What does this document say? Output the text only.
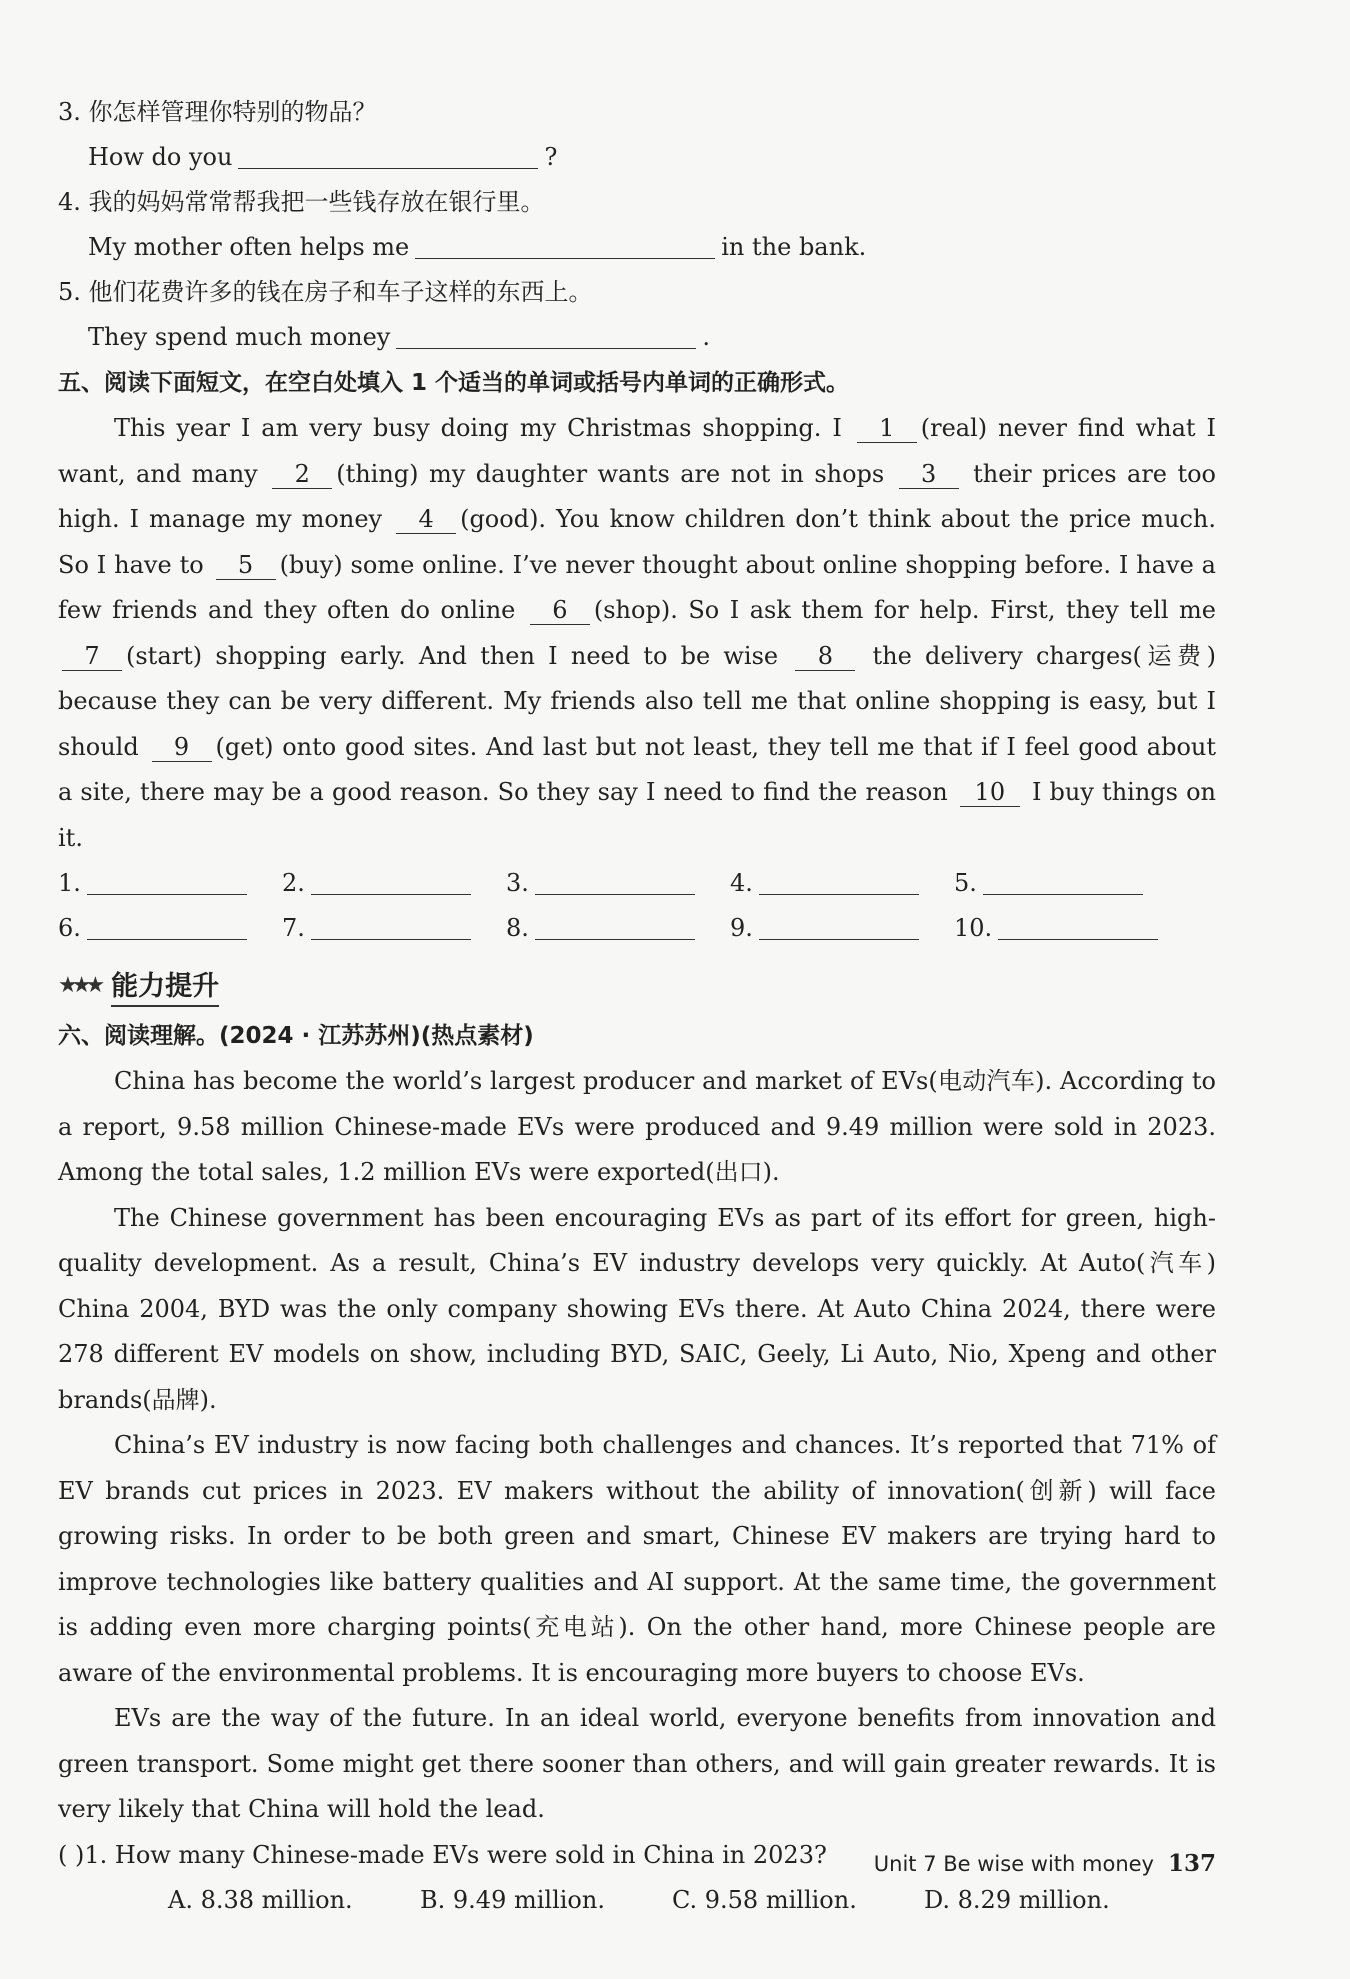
3. 你怎样管理你特别的物品？
How do you	?
4. 我的妈妈常常帮我把一些钱存放在银行里。
My mother often helps me	in the bank.
5. 他们花费许多的钱在房子和车子这样的东西上。
They spend much money	.
五、阅读下面短文，在空白处填入 1 个适当的单词或括号内单词的正确形式。

This year I am very busy doing my Christmas shopping. I 1 (real) never find what I want, and many 2 (thing) my daughter wants are not in shops 3 their prices are too high. I manage my money 4 (good). You know children don’t think about the price much. So I have to 5 (buy) some online. I’ve never thought about online shopping before. I have a few friends and they often do online 6 (shop). So I ask them for help. First, they tell me 7 (start) shopping early. And then I need to be wise 8 the delivery charges(运费) because they can be very different. My friends also tell me that online shopping is easy, but I should 9 (get) onto good sites. And last but not least, they tell me that if I feel good about a site, there may be a good reason. So they say I need to find the reason 10 I buy things on it.

1.	2.	3.	4.	5.
6.	7.	8.	9.	10.
★★★ 能力提升
六、阅读理解。(2024 · 江苏苏州)(热点素材)

China has become the world’s largest producer and market of EVs(电动汽车). According to a report, 9.58 million Chinese-made EVs were produced and 9.49 million were sold in 2023. Among the total sales, 1.2 million EVs were exported(出口).

The Chinese government has been encouraging EVs as part of its effort for green, high-quality development. As a result, China’s EV industry develops very quickly. At Auto(汽车) China 2004, BYD was the only company showing EVs there. At Auto China 2024, there were 278 different EV models on show, including BYD, SAIC, Geely, Li Auto, Nio, Xpeng and other brands(品牌).

China’s EV industry is now facing both challenges and chances. It’s reported that 71% of EV brands cut prices in 2023. EV makers without the ability of innovation(创新) will face growing risks. In order to be both green and smart, Chinese EV makers are trying hard to improve technologies like battery qualities and AI support. At the same time, the government is adding even more charging points(充电站). On the other hand, more Chinese people are aware of the environmental problems. It is encouraging more buyers to choose EVs.

EVs are the way of the future. In an ideal world, everyone benefits from innovation and green transport. Some might get there sooner than others, and will gain greater rewards. It is very likely that China will hold the lead.

( )1. How many Chinese-made EVs were sold in China in 2023?
A. 8.38 million.	B. 9.49 million.	C. 9.58 million.	D. 8.29 million.
Unit 7 Be wise with money 137
